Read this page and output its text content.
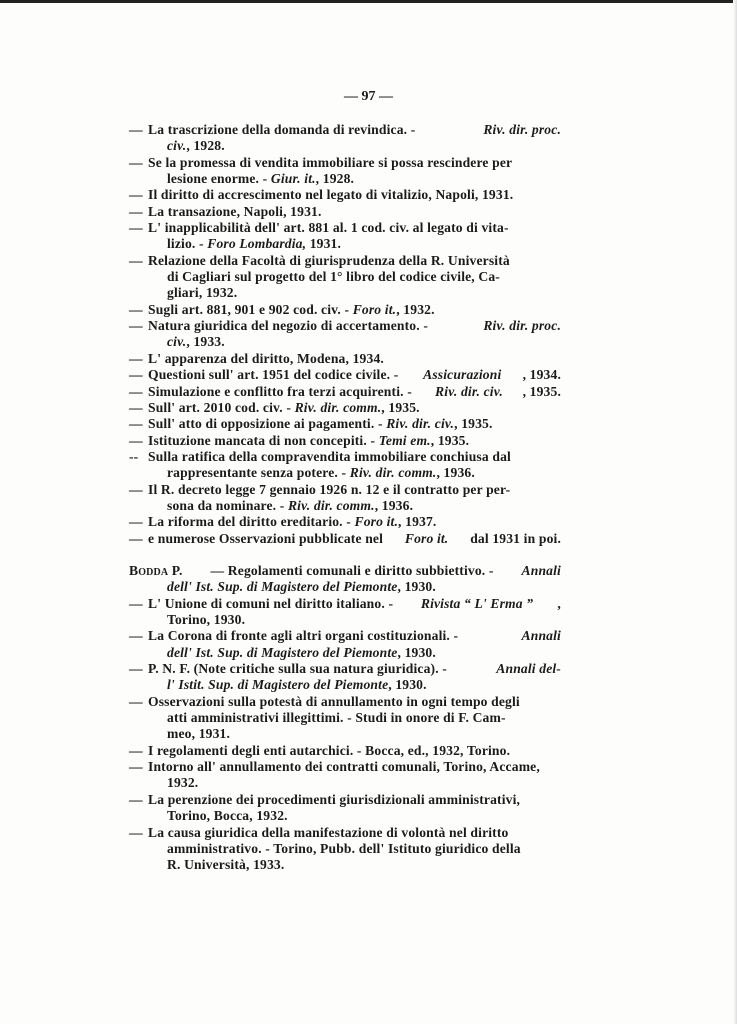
— 97 —
— La trascrizione della domanda di revindica. -	Riv. dir. proc.
civ. , 1928.
— Se la promessa di vendita immobiliare si possa rescindere per
lesione enorme. - Giur. it. , 1928.
— Il diritto di accrescimento nel legato di vitalizio, Napoli, 1931.
— La transazione, Napoli, 1931.
— L' inapplicabilità dell' art. 881 al. 1 cod. civ. al legato di vita-
lizio. - Foro Lombardia, 1931.
— Relazione della Facoltà di giurisprudenza della R. Università
di Cagliari sul progetto del 1° libro del codice civile, Ca-
gliari, 1932.
— Sugli art. 881, 901 e 902 cod. civ. - Foro it. , 1932.
— Natura giuridica del negozio di accertamento. -	Riv. dir. proc.
civ. , 1933.
— L' apparenza del diritto, Modena, 1934.
— Questioni sull' art. 1951 del codice civile. - Assicurazioni , 1934.
— Simulazione e conflitto fra terzi acquirenti. - Riv. dir. civ. , 1935.
— Sull' art. 2010 cod. civ. - Riv. dir. comm. , 1935.
— Sull' atto di opposizione ai pagamenti. - Riv. dir. civ. , 1935.
— Istituzione mancata di non concepiti. - Temi em. , 1935.
-- Sulla ratifica della compravendita immobiliare conchiusa dal
rappresentante senza potere. - Riv. dir. comm. , 1936.
— Il R. decreto legge 7 gennaio 1926 n. 12 e il contratto per per-
sona da nominare. - Riv. dir. comm. , 1936.
— La riforma del diritto ereditario. - Foro it. , 1937.
— e numerose Osservazioni pubblicate nel Foro it. dal 1931 in poi.
Bodda P. — Regolamenti comunali e diritto subbiettivo. - Annali
dell' Ist. Sup. di Magistero del Piemonte , 1930.
— L' Unione di comuni nel diritto italiano. - Rivista “ L' Erma ” ,
Torino, 1930.
— La Corona di fronte agli altri organi costituzionali. -	Annali
dell' Ist. Sup. di Magistero del Piemonte , 1930.
— P. N. F. (Note critiche sulla sua natura giuridica). -	Annali del-
l' Istit. Sup. di Magistero del Piemonte , 1930.
— Osservazioni sulla potestà di annullamento in ogni tempo degli
atti amministrativi illegittimi. - Studi in onore di F. Cam-
meo, 1931.
— I regolamenti degli enti autarchici. - Bocca, ed., 1932, Torino.
— Intorno all' annullamento dei contratti comunali, Torino, Accame,
1932.
— La perenzione dei procedimenti giurisdizionali amministrativi,
Torino, Bocca, 1932.
— La causa giuridica della manifestazione di volontà nel diritto
amministrativo. - Torino, Pubb. dell' Istituto giuridico della
R. Università, 1933.
